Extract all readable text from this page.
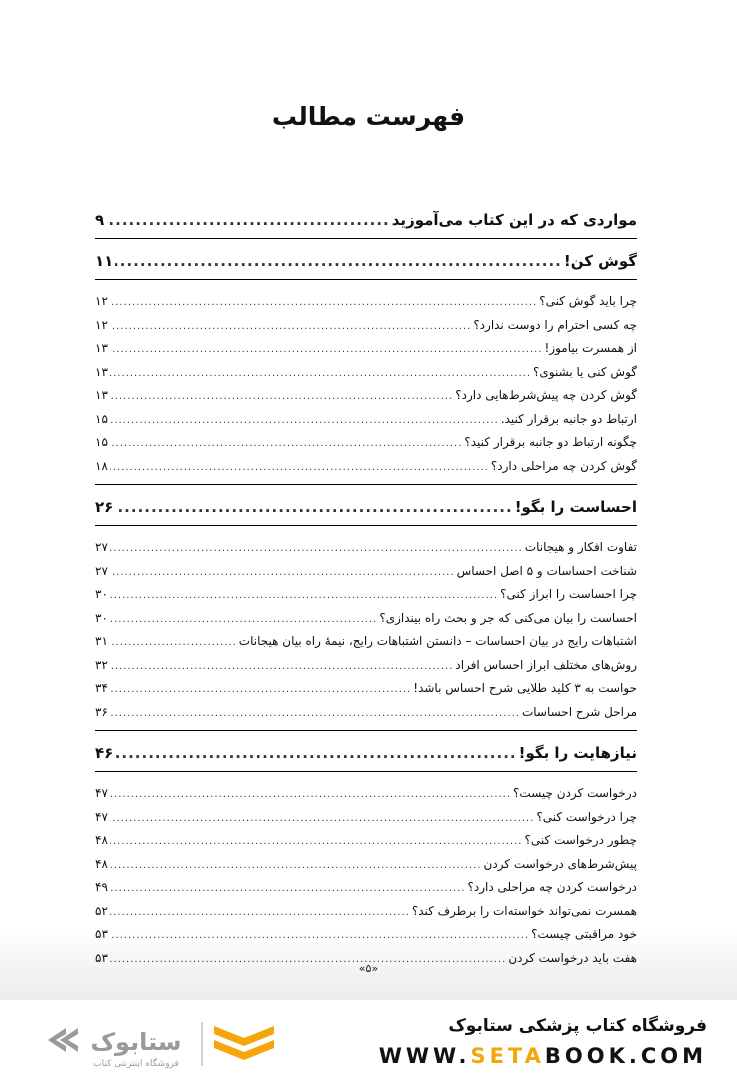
فهرست مطالب
مواردی که در این کتاب می‌آموزید
.....
۹
گوش کن!
.....
۱۱
چرا باید گوش کنی؟
.....
۱۲
چه کسی احترام را دوست ندارد؟
.....
۱۲
از همسرت بیاموز!
.....
۱۳
گوش کنی یا بشنوی؟
.....
۱۳
گوش کردن چه پیش‌شرط‌هایی دارد؟
.....
۱۳
ارتباط دو جانبه برقرار کنید.
.....
۱۵
چگونه ارتباط دو جانبه برقرار کنید؟
.....
۱۵
گوش کردن چه مراحلی دارد؟
.....
۱۸
احساست را بگو!
.....
۲۶
تفاوت افکار و هیجانات
.....
۲۷
شناخت احساسات و ۵ اصل احساس
.....
۲۷
چرا احساست را ابراز کنی؟
.....
۳۰
احساست را بیان می‌کنی که جر و بحث راه بیندازی؟
.....
۳۰
اشتباهات رایج در بیان احساسات – دانستن اشتباهات رایج، نیمهٔ راه بیان هیجانات
.....
۳۱
روش‌های مختلف ابراز احساس افراد
.....
۳۲
حواست به ۳ کلید طلایی شرح احساس باشد!
.....
۳۴
مراحل شرح احساسات
.....
۳۶
نیازهایت را بگو!
.....
۴۶
درخواست کردن چیست؟
.....
۴۷
چرا درخواست کنی؟
.....
۴۷
چطور درخواست کنی؟
.....
۴۸
پیش‌شرط‌های درخواست کردن
.....
۴۸
درخواست کردن چه مراحلی دارد؟
.....
۴۹
همسرت نمی‌تواند خواسته‌ات را برطرف کند؟
.....
۵۲
خود مراقبتی چیست؟
.....
۵۳
هفت باید درخواست کردن
.....
۵۳
«۵»
ستابوک
فروشگاه اینترنتی کتاب
فروشگاه کتاب پزشکی ستابوک
WWW.SETABOOK.COM
